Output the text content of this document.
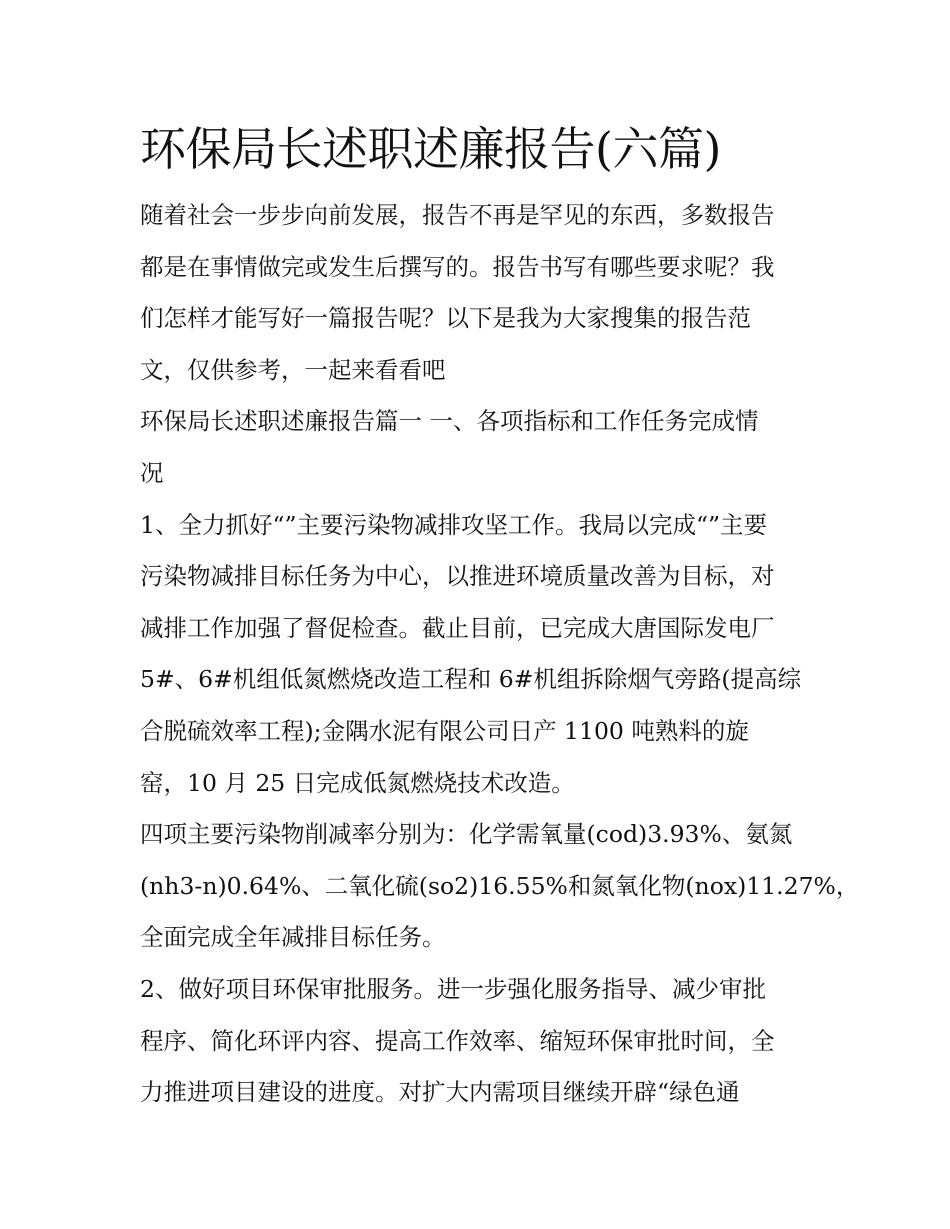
环保局长述职述廉报告(六篇)

随着社会一步步向前发展，报告不再是罕见的东西，多数报告

都是在事情做完或发生后撰写的。报告书写有哪些要求呢？我

们怎样才能写好一篇报告呢？以下是我为大家搜集的报告范

文，仅供参考，一起来看看吧

环保局长述职述廉报告篇一 一、各项指标和工作任务完成情

况

1、全力抓好“”主要污染物减排攻坚工作。我局以完成“”主要

污染物减排目标任务为中心，以推进环境质量改善为目标，对

减排工作加强了督促检查。截止目前，已完成大唐国际发电厂

5#、6#机组低氮燃烧改造工程和 6#机组拆除烟气旁路(提高综

合脱硫效率工程);金隅水泥有限公司日产 1100 吨熟料的旋

窑，10 月 25 日完成低氮燃烧技术改造。

四项主要污染物削减率分别为：化学需氧量(cod)3.93%、氨氮

(nh3-n)0.64%、二氧化硫(so2)16.55%和氮氧化物(nox)11.27%，

全面完成全年减排目标任务。

2、做好项目环保审批服务。进一步强化服务指导、减少审批

程序、简化环评内容、提高工作效率、缩短环保审批时间，全

力推进项目建设的进度。对扩大内需项目继续开辟“绿色通
